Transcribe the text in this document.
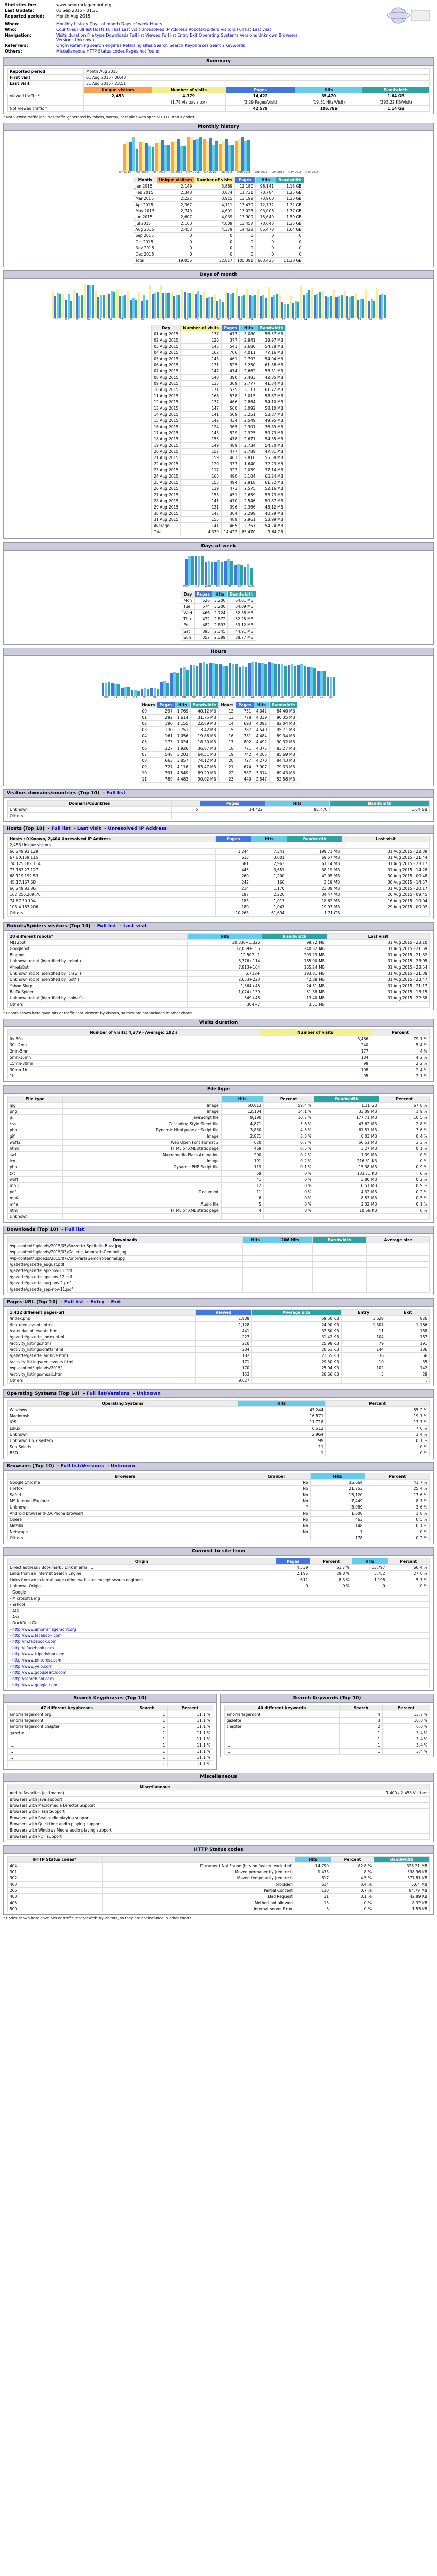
Statistics for:	www.amorrarlagemont.org
Last Update:	01 Sep 2015 - 01:31
Reported period:	Month Aug 2015
When:	Monthly history Days of month Days of week Hours
Who:	Countries Full list Hosts Full list Last visit Unresolved IP Address Robots/Spiders visitors Full list Last visit
Navigation:	Visits duration File type Downloads Full list Viewed Full list Entry Exit Operating Systems Versions Unknown Browsers Versions Unknown
Referrers:	Origin Referring search engines Referring sites Search Search Keyphrases Search Keywords
Others:	Miscellaneous HTTP Status codes Pages not found
Summary
Reported period	Month Aug 2015				
First visit	01 Aug 2015 - 00:48				
Last visit	31 Aug 2015 - 23:51				
	Unique visitors	Number of visits	Pages	Hits	Bandwidth
Viewed traffic *	2,453	4,379	14,422	85,470	1.64 GB
		(1.78 visits/visitor)	(3.29 Pages/Visit)	(19.51 Hits/Visit)	(393.22 KB/Visit)
Not viewed traffic *			42,579	106,789	1.14 GB
* Not viewed traffic includes traffic generated by robots, worms, or replies with special HTTP status codes.
Monthly history
Jan 2015	Feb 2015	Mar 2015	Apr 2015	May 2015	Jun 2015	Jul 2015	Aug 2015	Sep 2015	Oct 2015	Nov 2015	Dec 2015
Month	Unique visitors	Number of visits	Pages	Hits	Bandwidth
Jan 2015	2,149	3,889	12,180	98,141	1.13 GB
Feb 2015	2,348	3,874	11,731	70,784	1.25 GB
Mar 2015	2,222	3,915	13,199	73,960	1.33 GB
Apr 2015	2,367	4,111	13,470	72,772	1.32 GB
May 2015	2,749	4,601	13,023	93,006	1.77 GB
Jun 2015	2,607	4,039	13,909	75,649	1.59 GB
Jul 2015	2,160	4,009	13,457	73,643	1.35 GB
Aug 2015	2,453	4,379	14,422	85,470	1.64 GB
Sep 2015	0	0	0	0	0
Oct 2015	0	0	0	0	0
Nov 2015	0	0	0	0	0
Dec 2015	0	0	0	0	0
Total	19,055	32,817	105,391	663,425	11.38 GB
Days of month
01	02	03	04	05	06	07	08	09	10	11	12	13	14	15	16	17	18	19	20	21	22	23	24	25	26	27	28	29	30	31
Day	Number of visits	Pages	Hits	Bandwidth
01 Aug 2015	137	477	3,080	56.57 MB
02 Aug 2015	126	377	2,941	39.97 MB
03 Aug 2015	145	541	2,680	54.78 MB
04 Aug 2015	162	706	4,011	77.16 MB
05 Aug 2015	143	461	2,793	54.04 MB
06 Aug 2015	131	525	3,250	61.88 MB
07 Aug 2015	147	474	2,662	53.31 MB
08 Aug 2015	140	390	2,483	42.85 MB
09 Aug 2015	135	369	2,777	41.34 MB
10 Aug 2015	171	525	3,111	61.72 MB
11 Aug 2015	168	538	3,015	58.87 MB
12 Aug 2015	137	466	2,864	54.10 MB
13 Aug 2015	147	560	3,092	58.10 MB
14 Aug 2015	141	509	3,251	53.87 MB
15 Aug 2015	142	434	2,549	49.95 MB
16 Aug 2015	124	365	2,301	36.89 MB
17 Aug 2015	143	529	2,925	59.73 MB
18 Aug 2015	155	478	2,671	54.35 MB
19 Aug 2015	149	489	2,734	54.70 MB
20 Aug 2015	152	477	2,789	47.81 MB
21 Aug 2015	159	461	2,810	55.58 MB
22 Aug 2015	120	333	1,640	32.23 MB
23 Aug 2015	117	323	2,039	37.14 MB
24 Aug 2015	163	490	3,104	65.24 MB
25 Aug 2015	155	494	2,918	61.72 MB
26 Aug 2015	139	473	2,575	52.16 MB
27 Aug 2015	153	451	2,659	53.73 MB
28 Aug 2015	141	470	2,546	50.87 MB
29 Aug 2015	131	396	2,366	45.12 MB
30 Aug 2015	147	364	2,299	40.29 MB
31 Aug 2015	155	489	2,961	53.99 MB
Average	141	465	2,757	54.24 MB
Total	4,379	14,422	85,470	1.64 GB
Days of week
Mon	Tue	Wed	Thu	Fri	Sat	Sun
Day	Pages	Hits	Bandwidth
Mon	526	3,200	64.01 MB
Tue	574	3,200	64.09 MB
Wed	466	2,724	52.38 MB
Thu	472	2,872	52.25 MB
Fri	482	2,893	53.12 MB
Sat	395	2,345	44.91 MB
Sun	357	2,389	38.77 MB
Hours
00	01	02	03	04	05	06	07	08	09	10	11	12	13	14	15	16	17	18	19	20	21	22	23
Hours	Pages	Hits	Bandwidth	Hours	Pages	Hits	Bandwidth
00	297	1,769	40.12 MB	12	751	4,042	84.40 MB
01	292	1,614	31.75 MB	13	778	4,339	90.35 MB
02	190	1,155	22.89 MB	14	693	4,092	82.04 MB
03	130	751	13.42 MB	15	787	4,540	95.71 MB
04	161	1,056	19.86 MB	16	781	4,484	89.34 MB
05	173	1,024	18.30 MB	17	802	4,492	90.32 MB
06	327	1,926	36.87 MB	18	771	4,375	83.27 MB
07	548	3,203	64.51 MB	19	742	4,265	85.69 MB
08	663	3,857	74.12 MB	20	727	4,270	84.43 MB
09	727	4,116	83.47 MB	21	674	3,907	79.33 MB
10	791	4,549	89.29 MB	22	587	3,314	69.43 MB
11	789	4,483	90.02 MB	23	440	2,547	52.58 MB
Visitors domains/countries (Top 10)  - Full list
Domains/Countries		Pages	Hits	Bandwidth
Unknown	ip	14,422	85,470	1.64 GB
Others				
Hosts (Top 10)  - Full list  - Last visit  - Unresolved IP Address
Hosts : 0 Known, 2,404 Unresolved IP Address	Pages	Hits	Bandwidth	Last visit
2,453 Unique visitors				
66.249.93.129	1,244	7,341	199.71 MB	31 Aug 2015 - 22:39
67.80.159.115	613	3,001	69.57 MB	31 Aug 2015 - 21:44
74.125.182.114	581	2,963	61.14 MB	31 Aug 2015 - 23:17
73.163.27.127	445	3,651	38.19 MB	31 Aug 2015 - 14:28
68.119.192.53	260	1,200	42.05 MB	30 Aug 2015 - 00:48
45.17.167.68	242	160	3.19 MB	30 Aug 2015 - 14:57
66.249.93.86	214	1,170	23.39 MB	31 Aug 2015 - 20:17
162.250.209.70	197	2,226	34.47 MB	26 Aug 2015 - 09:45
74.67.30.194	183	1,017	18.62 MB	16 Aug 2015 - 19:04
108.4.163.206	180	1,047	19.93 MB	29 Aug 2015 - 00:02
Others	10,263	61,694	1.21 GB	
Robots/Spiders visitors (Top 10)  - Full list  - Last visit
20 different robots*	Hits	Bandwidth	Last visit
MJ12bot	10,336+1,326	99.72 MB	31 Aug 2015 - 23:10
Googlebot	12,059+155	240.32 MB	31 Aug 2015 - 21:59
Bingbot	12,502+1	299.29 MB	31 Aug 2015 - 21:32
Unknown robot (identified by 'robot')	8,776+114	185.90 MB	31 Aug 2015 - 23:05
AhrefsBot	7,813+164	165.24 MB	31 Aug 2015 - 23:54
Unknown robot (identified by 'crawl')	6,712+	193.81 MB	31 Aug 2015 - 21:38
Unknown robot (identified by 'bot*')	2,653+223	42.88 MB	31 Aug 2015 - 23:47
Yahoo Slurp	1,564+45	24.31 MB	31 Aug 2015 - 21:17
BaiDuSpider	1,074+139	51.38 MB	31 Aug 2015 - 13:15
Unknown robot (identified by 'spider')	549+48	13.40 MB	31 Aug 2015 - 22:38
Others	304+7	3.51 MB	
* Robots shown here gave hits or traffic "not viewed" by visitors, so they are not included in other charts.
Visits duration
Number of visits: 4,379 - Average: 192 s	Number of visits	Percent
0s-30s	3,466	79.1 %
30s-2mn	240	5.4 %
2mn-5mn	177	4 %
5mn-15mn	184	4.2 %
15mn-30mn	99	2.2 %
30mn-1h	108	2.4 %
1h+	95	2.1 %
File type
File type		Hits	Percent	Bandwidth	Percent
jpg	Image	50,813	59.4 %	1.11 GB	67.8 %
png	Image	12,104	14.1 %	33.09 MB	1.9 %
js	JavaScript file	9,190	10.7 %	177.71 MB	10.5 %
css	Cascading Style Sheet file	4,871	5.6 %	47.62 MB	2.8 %
php	Dynamic Html page or Script file	3,850	4.5 %	61.51 MB	3.6 %
gif	Image	2,871	3.3 %	8.03 MB	0.4 %
woff2	Web Open Font Format 2	620	0.7 %	56.51 MB	3.3 %
html	HTML or XML static page	469	0.5 %	3.27 MB	0.1 %
swf	Macromedia Flash Animation	200	0.2 %	1.39 MB	0 %
ico	Image	191	0.2 %	216.51 KB	0 %
php	Dynamic PHP Script file	119	0.1 %	15.38 MB	0.9 %
txt		59	0 %	133.71 KB	0 %
woff		41	0 %	3.80 MB	0.2 %
mp3		12	0 %	16.51 MB	0.9 %
pdf	Document	11	0 %	4.32 MB	0.2 %
mp4		6	0 %	8.53 MB	0.5 %
m4a	Audio file	5	0 %	2.32 MB	0.1 %
htm	HTML or XML static page	4	0 %	10.66 KB	0 %
Unknown					
Downloads (Top 10)  - Full list
Downloads	Hits	206 Hits	Bandwidth	Average size
/wp-content/uploads/2015/05/Bozzetto-Spiritello-Buzz.jpg				
/wp-content/uploads/2015/03/Gallerie-AmorrarlaGemont.jpg				
/wp-content/uploads/2015/07/AmorrarlaGemont-banner.jpg				
/gazette/gazette_august.pdf				
/gazette/gazette_apr-nov-11.pdf				
/gazette/gazette_apr-nov-12.pdf				
/gazette/gazette_aug-nov-1.pdf				
/gazette/gazette_sep-nov-11.pdf				
Pages-URL (Top 10)  - Full list  - Entry  - Exit
1,422 different pages-url	Viewed	Average size	Entry	Exit
/index.php	1,909	59.50 KB	1,629	826
/featured_events.html	1,128	24.90 KB	1,307	1,166
/calendar_of_events.html	441	32.80 KB	11	188
/gazette/gazette_index.html	227	31.42 KB	104	187
/activity_listings.html	210	25.98 KB	79	191
/activity_listings/crafts.html	204	20.61 KB	144	186
/gazette/gazette_archive.html	182	21.55 KB	36	66
/activity_listings/rec_events.html	171	29.30 KB	10	35
/wp-content/uploads/2015/...	170	25.04 KB	102	142
/activity_listings/music.html	153	26.66 KB	5	29
Others	9,627			.
Operating Systems (Top 10)  - Full list/Versions  - Unknown
Operating Systems	Hits	Percent
Windows	47,244	55.2 %
Macintosh	16,871	19.7 %
iOS	11,718	13.7 %
Linux	6,512	7.6 %
Unknown	2,964	3.4 %
Unknown Unix system	99	0.1 %
Sun Solaris	11	0 %
BSD	1	0 %
Browsers (Top 10)  - Full list/Versions  - Unknown
Browsers	Grabber	Hits	Percent
Google Chrome	No	35,664	41.7 %
Firefox	No	21,753	25.4 %
Safari	No	15,120	17.6 %
MS Internet Explorer	No	7,449	8.7 %
Unknown	?	3,089	3.6 %
Android browser (PDA/Phone browser)	No	1,600	1.8 %
Opera	No	463	0.5 %
Mozilla	No	148	0.1 %
Netscape	No	1	0 %
Others		178	0.2 %
Connect to site from
Origin	Pages	Percent	Hits	Percent
Direct address / Bookmark / Link in email...	4,539	61.7 %	13,797	66.4 %
Links from an Internet Search Engine	2,195	29.8 %	5,752	27.6 %
Links from an external page (other web sites except search engines)	611	8.3 %	1,198	5.7 %
Unknown Origin	0	0 %	0	0 %
- Google				
- Microsoft Bing				
- Yahoo!				
- AOL				
- Ask				
- DuckDuckGo				
- http://www.amorrarlagemont.org				
- http://www.facebook.com				
- http://m.facebook.com				
- http://l.facebook.com				
- http://www.tripadvisor.com				
- http://www.pinterest.com				
- http://www.yelp.com				
- http://www.goodsearch.com				
- http://search.aol.com				
- http://www.google.com				
Search Keyphrases (Top 10)
47 different keyphrases	Search	Percent
amorrarlagemont.org	1	11.1 %
amorrarlagemont	1	11.1 %
amorrarlagemont chapter	1	11.1 %
gazette	1	11.1 %
...	1	11.1 %
...	1	11.1 %
...	1	11.1 %
...	1	11.1 %
...	1	11.1 %
Search Keywords (Top 10)
40 different keywords	Search	Percent
amorrarlagemont	4	13.7 %
gazette	3	10.3 %
chapter	2	6.8 %
...	1	3.4 %
...	1	3.4 %
...	1	3.4 %
...	1	3.4 %
Miscellaneous
Miscellaneous	
Add to favorites (estimated)	1,400 / 2,453 Visitors
Browsers with Java support	
Browsers with Macromedia Director Support	
Browsers with Flash Support	
Browsers with Real audio playing support	
Browsers with Quicktime audio playing support	
Browsers with Windows Media audio playing support	
Browsers with PDF support	
HTTP Status codes
HTTP Status codes*		Hits	Percent	Bandwidth
404	Document Not Found (hits on favicon excluded)	14,790	82.8 %	326.21 MB
301	Moved permanently (redirect)	1,433	8 %	538.96 KB
302	Moved temporarily (redirect)	817	4.5 %	377.81 KB
403	Forbidden	614	3.4 %	5.64 MB
206	Partial Content	130	0.7 %	84.79 MB
400	Bad Request	31	0.1 %	42.89 KB
405	Method not allowed	13	0 %	8.32 KB
500	Internal server Error	3	0 %	1.53 KB
* Codes shown here gave hits or traffic "not viewed" by visitors, so they are not included in other charts.
